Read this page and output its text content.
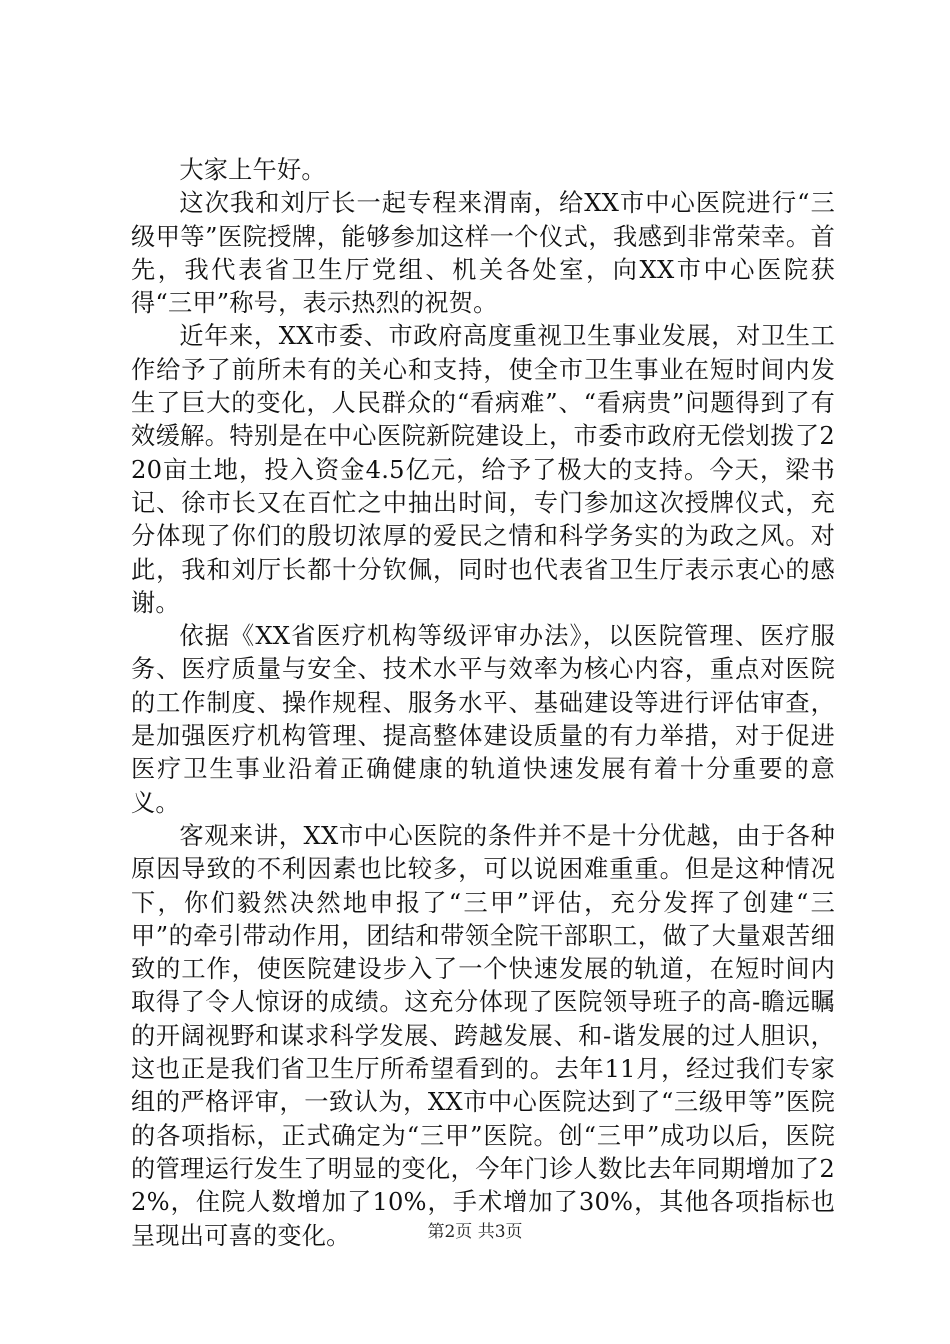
大家上午好。

这次我和刘厅长一起专程来渭南，给XX市中心医院进行“三级甲等”医院授牌，能够参加这样一个仪式，我感到非常荣幸。首先，我代表省卫生厅党组、机关各处室，向XX市中心医院获得“三甲”称号，表示热烈的祝贺。

近年来，XX市委、市政府高度重视卫生事业发展，对卫生工作给予了前所未有的关心和支持，使全市卫生事业在短时间内发生了巨大的变化，人民群众的“看病难”、“看病贵”问题得到了有效缓解。特别是在中心医院新院建设上，市委市政府无偿划拨了220亩土地，投入资金4.5亿元，给予了极大的支持。今天，梁书记、徐市长又在百忙之中抽出时间，专门参加这次授牌仪式，充分体现了你们的殷切浓厚的爱民之情和科学务实的为政之风。对此，我和刘厅长都十分钦佩，同时也代表省卫生厅表示衷心的感谢。

依据《XX省医疗机构等级评审办法》，以医院管理、医疗服务、医疗质量与安全、技术水平与效率为核心内容，重点对医院的工作制度、操作规程、服务水平、基础建设等进行评估审查，是加强医疗机构管理、提高整体建设质量的有力举措，对于促进医疗卫生事业沿着正确健康的轨道快速发展有着十分重要的意义。

客观来讲，XX市中心医院的条件并不是十分优越，由于各种原因导致的不利因素也比较多，可以说困难重重。但是这种情况下，你们毅然决然地申报了“三甲”评估，充分发挥了创建“三甲”的牵引带动作用，团结和带领全院干部职工，做了大量艰苦细致的工作，使医院建设步入了一个快速发展的轨道，在短时间内取得了令人惊讶的成绩。这充分体现了医院领导班子的高-瞻远瞩的开阔视野和谋求科学发展、跨越发展、和-谐发展的过人胆识，这也正是我们省卫生厅所希望看到的。去年11月，经过我们专家组的严格评审，一致认为，XX市中心医院达到了“三级甲等”医院的各项指标，正式确定为“三甲”医院。创“三甲”成功以后，医院的管理运行发生了明显的变化，今年门诊人数比去年同期增加了22%，住院人数增加了10%，手术增加了30%，其他各项指标也呈现出可喜的变化。	第2页 共3页
